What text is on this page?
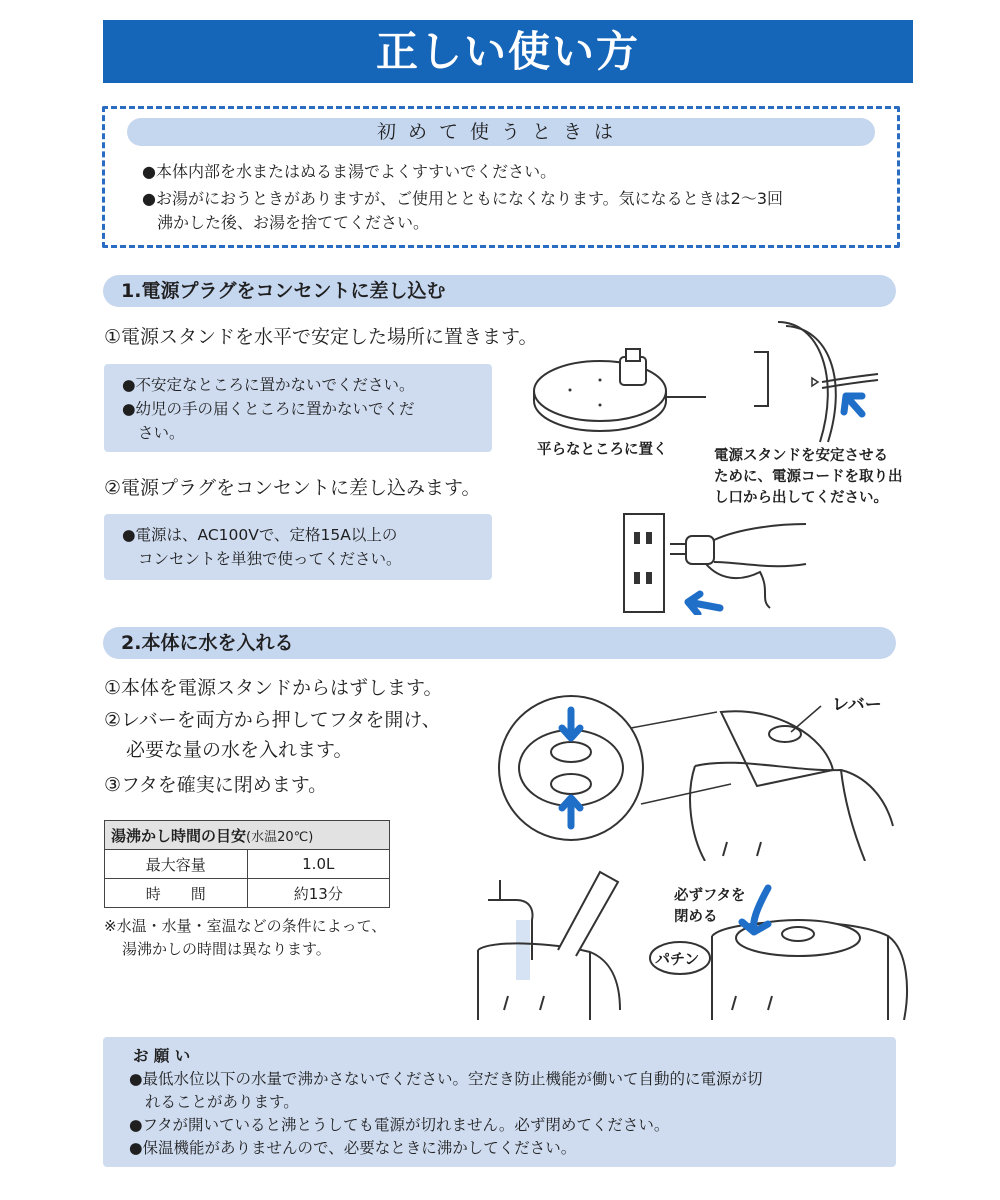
正しい使い方
初めて使うときは
●本体内部を水またはぬるま湯でよくすすいでください。
●お湯がにおうときがありますが、ご使用とともになくなります。気になるときは2～3回
沸かした後、お湯を捨ててください。
1.電源プラグをコンセントに差し込む
①電源スタンドを水平で安定した場所に置きます。
●不安定なところに置かないでください。
●幼児の手の届くところに置かないでくだ
さい。
②電源プラグをコンセントに差し込みます。
●電源は、AC100Vで、定格15A以上の
コンセントを単独で使ってください。
平らなところに置く	電源スタンドを安定させる
ために、電源コードを取り出
し口から出してください。
2.本体に水を入れる
①本体を電源スタンドからはずします。
②レバーを両方から押してフタを開け、
必要な量の水を入れます。
③フタを確実に閉めます。
湯沸かし時間の目安(水温20℃)	
最大容量	1.0L
時　　間	約13分
※水温・水量・室温などの条件によって、
湯沸かしの時間は異なります。
レバー
必ずフタを
閉める
パチン
お 願 い
●最低水位以下の水量で沸かさないでください。空だき防止機能が働いて自動的に電源が切
れることがあります。
●フタが開いていると沸とうしても電源が切れません。必ず閉めてください。
●保温機能がありませんので、必要なときに沸かしてください。
